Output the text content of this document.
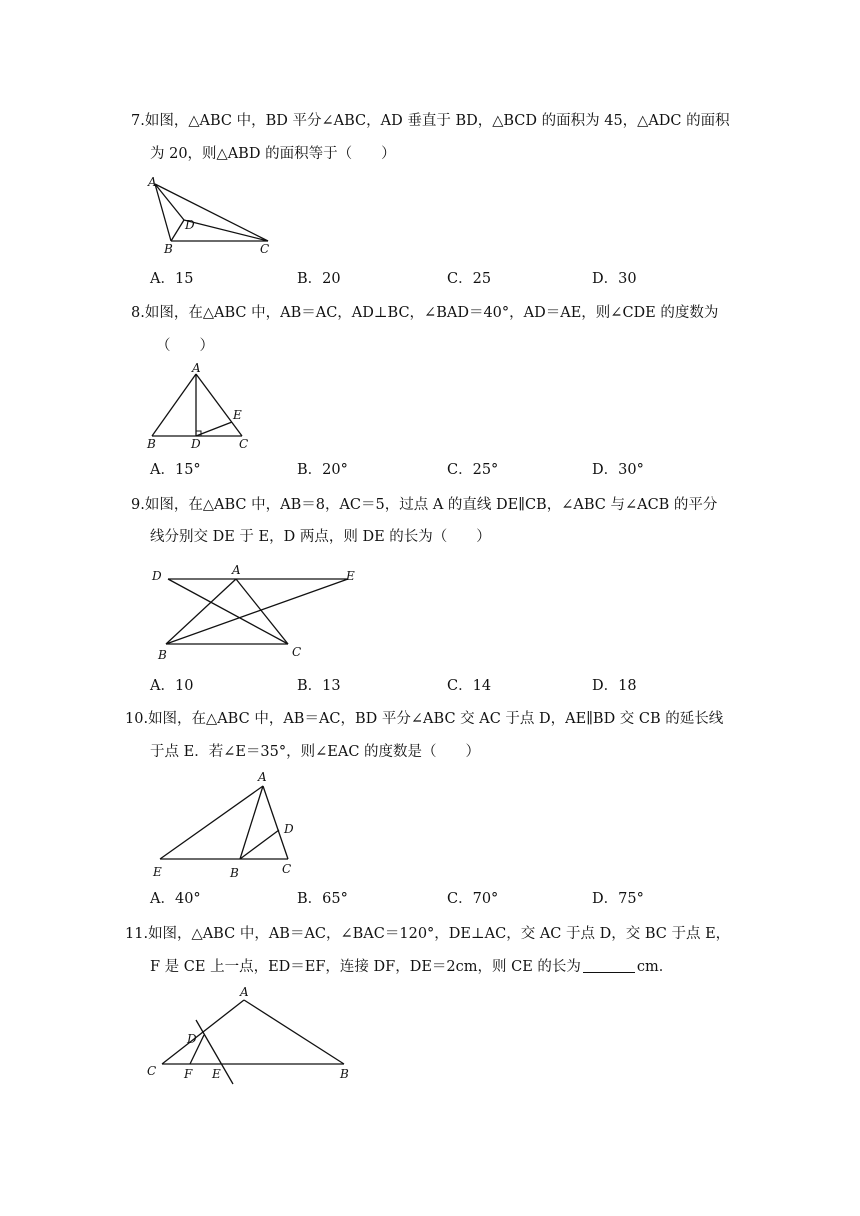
7.如图，△ABC 中，BD 平分∠ABC，AD 垂直于 BD，△BCD 的面积为 45，△ADC 的面积
为 20，则△ABD 的面积等于（　　）
A
B	C
D
A．15	B．20	C．25	D．30
8.如图，在△ABC 中，AB＝AC，AD⊥BC，∠BAD＝40°，AD＝AE，则∠CDE 的度数为
（　　）
A
B	C
D
E
A．15°	B．20°	C．25°	D．30°
9.如图，在△ABC 中，AB＝8，AC＝5，过点 A 的直线 DE∥CB，∠ABC 与∠ACB 的平分
线分别交 DE 于 E，D 两点，则 DE 的长为（　　）
A
B	C
D	E
A．10	B．13	C．14	D．18
10.如图，在△ABC 中，AB＝AC，BD 平分∠ABC 交 AC 于点 D，AE∥BD 交 CB 的延长线
于点 E．若∠E＝35°，则∠EAC 的度数是（　　）
A
B	C
D
E
A．40°	B．65°	C．70°	D．75°
11.如图，△ABC 中，AB＝AC，∠BAC＝120°，DE⊥AC，交 AC 于点 D，交 BC 于点 E，
F 是 CE 上一点，ED＝EF，连接 DF，DE＝2cm，则 CE 的长为	cm．
A
B
C
D
E
F
